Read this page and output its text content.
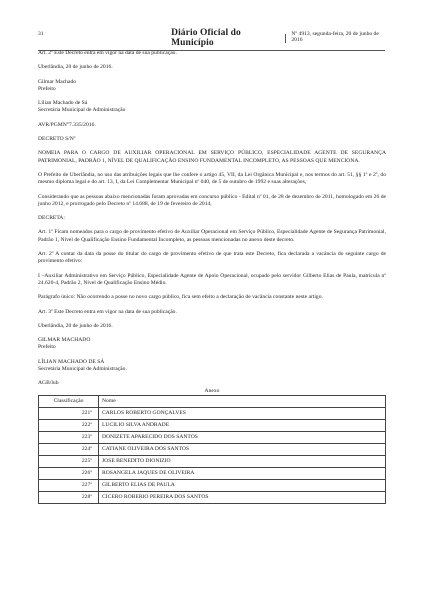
31	Diário Oficial do Município
Nº 4913, segunda-feira, 20 de junho de 2016

Art. 2º Este Decreto entra em vigor na data de sua publicação.

Uberlândia, 20 de junho de 2016.

Gilmar Machado

Prefeito

Lílian Machado de Sá

Secretária Municipal de Administração

AVR/PGMN°7.335/2016.

DECRETO S/Nº

NOMEIA PARA O CARGO DE AUXILIAR OPERACIONAL EM SERVIÇO PÚBLICO, ESPECIALIDADE AGENTE DE SEGURANÇA PATRIMONIAL, PADRÃO 1, NÍVEL DE QUALIFICAÇÃO ENSINO FUNDAMENTAL INCOMPLETO, AS PESSOAS QUE MENCIONA.

O Prefeito de Uberlândia, no uso das atribuições legais que lhe confere o artigo 45, VII, da Lei Orgânica Municipal e, nos termos do art. 51, §§ 1º e 2º, do mesmo diploma legal e do art. 13, I, da Lei Complementar Municipal nº 040, de 5 de outubro de 1992 e suas alterações,

Considerando que as pessoas abaixo mencionadas foram aprovadas em concurso público - Edital nº 01, de 28 de dezembro de 2011, homologado em 26 de junho 2012, e prorrogado pelo Decreto nº 14.688, de 19 de fevereiro de 2014,

DECRETA:

Art. 1º Ficam nomeados para o cargo de provimento efetivo de Auxiliar Operacional em Serviço Público, Especialidade Agente de Segurança Patrimonial, Padrão 1, Nível de Qualificação Ensino Fundamental Incompleto, as pessoas mencionadas no anexo deste decreto.

Art. 2º A contar da data da posse do titular do cargo de provimento efetivo de que trata este Decreto, fica declarada a vacância do seguinte cargo de provimento efetivo:

I –Auxiliar Administrativo em Serviço Público, Especialidade Agente de Apoio Operacional, ocupado pelo servidor Gilberto Elias de Paula, matrícula nº 24.620-4, Padrão 2, Nível de Qualificação Ensino Médio.

Parágrafo único: Não ocorrendo a posse no novo cargo público, fica sem efeito a declaração de vacância constante neste artigo.

Art. 3º Este Decreto entra em vigor na data de sua publicação.

Uberlândia, 20 de junho de 2016.

GILMAR MACHADO

Prefeito

LÍLIAN MACHADO DE SÁ

Secretária Municipal de Administração.

AGB/lub

Anexo

Classificação	Nome
221º	CARLOS ROBERTO GONÇALVES
222º	LUCILIO SILVA ANDRADE
223º	DONIZETE APARECIDO DOS SANTOS
224º	CATIANE OLIVEIRA DOS SANTOS
225º	JOSE BENEDITO DIONIZIO
226º	ROSANGELA JAQUES DE OLIVEIRA
227º	GILBERTO ELIAS DE PAULA
228º	CICERO ROBERIO PEREIRA DOS SANTOS
